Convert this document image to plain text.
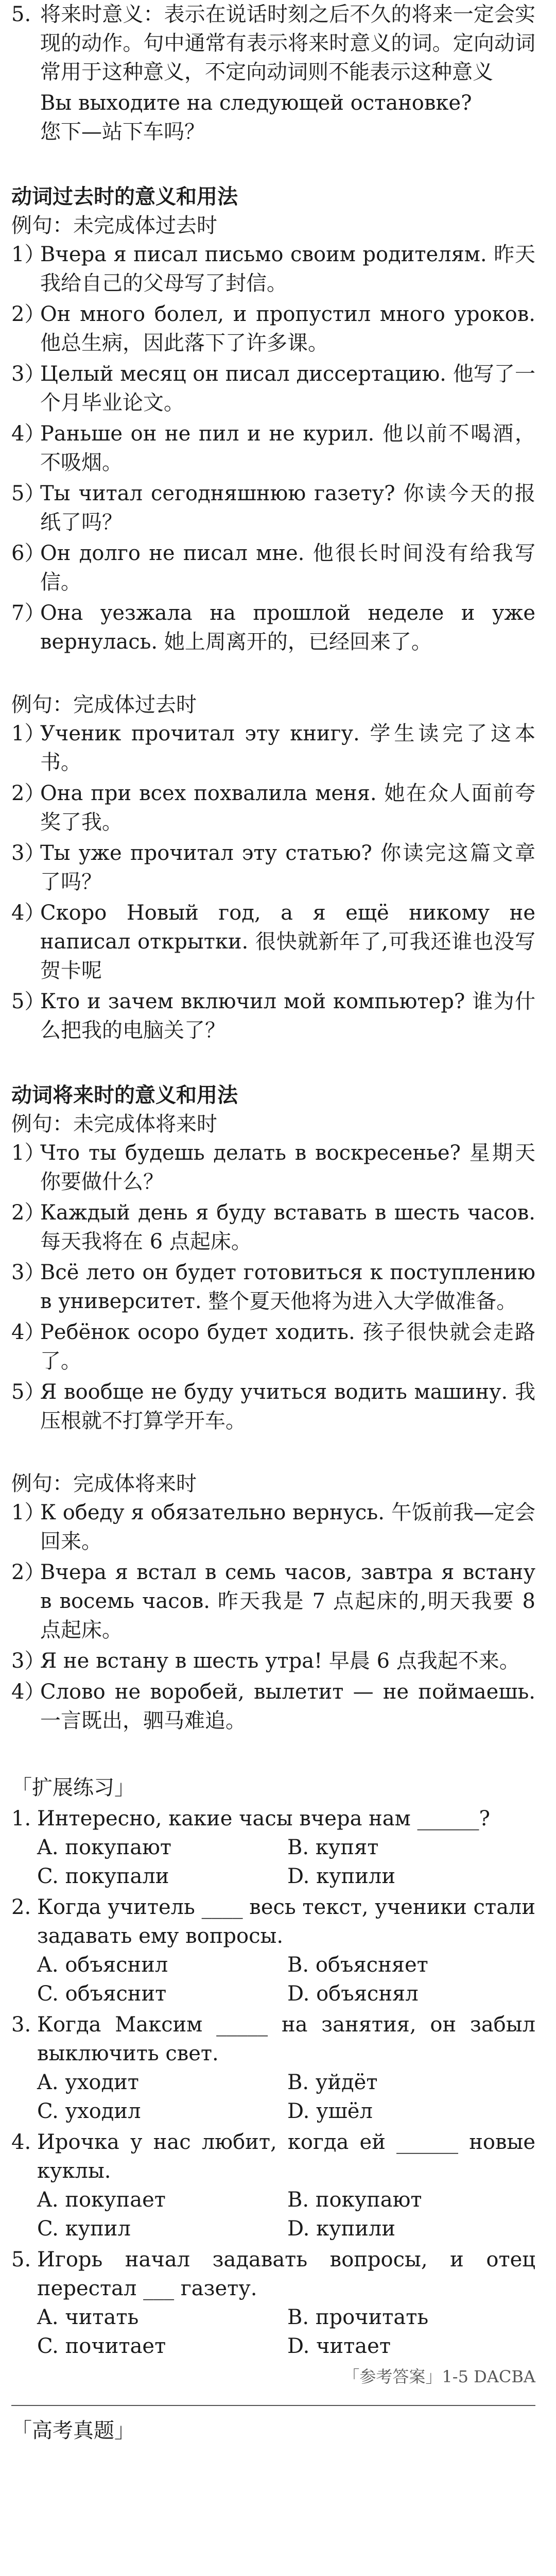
5. 将来时意义：表示在说话时刻之后不久的将来一定会实现的动作。句中通常有表示将来时意义的词。定向动词常用于这种意义，不定向动词则不能表示这种意义
Вы выходите на следующей остановке?
您下—站下车吗？
动词过去时的意义和用法
例句：未完成体过去时
1）
Вчера я писал письмо своим родителям. 昨天我给自己的父母写了封信。
2）
Он много болел, и пропустил много уроков. 他总生病，因此落下了许多课。
3）
Целый месяц он писал диссертацию. 他写了一个月毕业论文。
4）
Раньше он не пил и не курил. 他以前不喝酒，不吸烟。
5）
Ты читал сегодняшнюю газету? 你读今天的报纸了吗？
6）
Он долго не писал мне. 他很长时间没有给我写信。
7）
Она уезжала на прошлой неделе и уже вернулась. 她上周离开的，已经回来了。
例句：完成体过去时
1）
Ученик прочитал эту книгу. 学生读完了这本书。
2）
Она при всех похвалила меня. 她在众人面前夸奖了我。
3）
Ты уже прочитал эту статью? 你读完这篇文章了吗？
4）
Скоро Новый год, а я ещё никому не написал открытки. 很快就新年了,可我还谁也没写贺卡呢
5）
Кто и зачем включил мой компьютер? 谁为什么把我的电脑关了？
动词将来时的意义和用法
例句：未完成体将来时
1）
Что ты будешь делать в воскресенье? 星期天你要做什么？
2）
Каждый день я буду вставать в шесть часов. 每天我将在 6 点起床。
3）
Всё лето он будет готовиться к поступлению в университет. 整个夏天他将为进入大学做准备。
4）
Ребёнок осоро будет ходить. 孩子很快就会走路了。
5）
Я вообще не буду учиться водить машину. 我压根就不打算学开车。
例句：完成体将来时
1）
К обеду я обязательно вернусь. 午饭前我—定会回来。
2）
Вчера я встал в семь часов, завтра я встану в восемь часов. 昨天我是 7 点起床的,明天我要 8 点起床。
3）
Я не встану в шесть утра! 早晨 6 点我起不来。
4）
Слово не воробей, вылетит — не поймаешь. 一言既出，驷马难追。
「扩展练习」
1. Интересно, какие часы вчера нам ______?
A. покупают	B. купят
C. покупали	D. купили
2. Когда учитель ____ весь текст, ученики стали задавать ему вопросы.
A. объяснил	B. объясняет
C. объяснит	D. объяснял
3. Когда Максим _____ на занятия, он забыл выключить свет.
A. уходит	B. уйдёт
C. уходил	D. ушёл
4. Ирочка у нас любит, когда ей ______ новые куклы.
A. покупает	B. покупают
C. купил	D. купили
5. Игорь начал задавать вопросы, и отец перестал ___ газету.
A. читать	B. прочитать
C. почитает	D. читает
「参考答案」1-5 DACBA
「高考真题」
